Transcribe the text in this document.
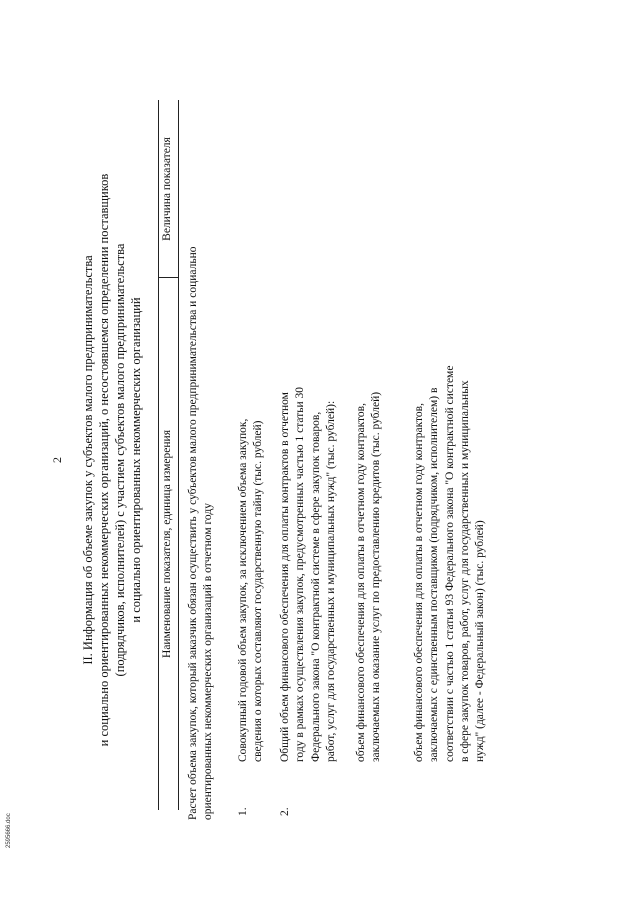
2 II. Информация об объеме закупок у субъектов малого предпринимательства и социально ориентированных некоммерческих организаций, о несостоявшемся определении поставщиков (подрядчиков, исполнителей) с участием субъектов малого предпринимательства и социально ориентированных некоммерческих организаций Наименование показателя, единица измерения
Величина показателя
Расчет объема закупок, который заказчик обязан осуществить у субъектов малого предпринимательства и социально ориентированных некоммерческих организаций в отчетном году 1.
Совокупный годовой объем закупок, за исключением объема закупок, сведения о которых составляют государственную тайну (тыс. рублей)
2.
Общий объем финансового обеспечения для оплаты контрактов в отчетном году в рамках осуществления закупок, предусмотренных частью 1 статьи 30 Федерального закона "О контрактной системе в сфере закупок товаров, работ, услуг для государственных и муниципальных нужд" (тыс. рублей): объем финансового обеспечения для оплаты в отчетном году контрактов, заключаемых на оказание услуг по предоставлению кредитов (тыс. рублей)	объем финансового обеспечения для оплаты в отчетном году контрактов, заключаемых с единственным поставщиком (подрядчиком, исполнителем) в соответствии с частью 1 статьи 93 Федерального закона "О контрактной системе в сфере закупок товаров, работ, услуг для государственных и муниципальных нужд" (далее - Федеральный закон) (тыс. рублей)
2595666.doc
